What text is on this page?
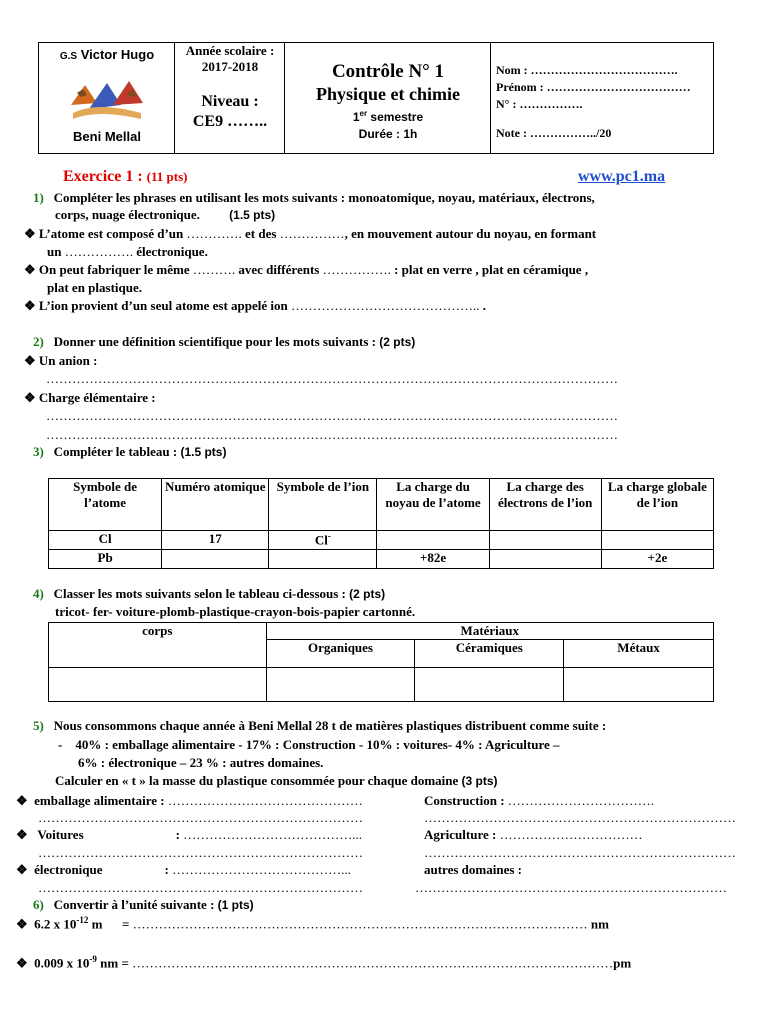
G.S Victor Hugo
Beni Mellal
Année scolaire :
2017-2018
Niveau :
CE9 ……..
Contrôle N° 1
Physique et chimie
1er semestre
Durée : 1h
Nom : ……………………………….
Prénom : ………………………………
N° : …………….
Note : ……………../20
Exercice 1 : (11 pts)	www.pc1.ma
1) Compléter les phrases en utilisant les mots suivants : monoatomique, noyau, matériaux, électrons,
corps, nuage électronique. (1.5 pts)
❖ L’atome est composé d’un …………. et des ……………, en mouvement autour du noyau, en formant
un ……………. électronique.
❖ On peut fabriquer le même ………. avec différents ……………. : plat en verre , plat en céramique ,
plat en plastique.
❖ L’ion provient d’un seul atome est appelé ion …………………………………….. .
2) Donner une définition scientifique pour les mots suivants : (2 pts)
❖ Un anion :
……………………………………………………………………………………………………………………
❖ Charge élémentaire :
……………………………………………………………………………………………………………………
……………………………………………………………………………………………………………………
3) Compléter le tableau : (1.5 pts)
Symbole de l’atome	Numéro atomique	Symbole de l’ion	La charge du noyau de l’atome	La charge des électrons de l’ion	La charge globale de l’ion
Cl	17	Cl-			
Pb			+82e		+2e
4) Classer les mots suivants selon le tableau ci-dessous : (2 pts)
tricot- fer- voiture-plomb-plastique-crayon-bois-papier cartonné.
corps	Matériaux		
	Organiques	Céramiques	Métaux

5) Nous consommons chaque année à Beni Mellal 28 t de matières plastiques distribuent comme suite :
- 40% : emballage alimentaire - 17% : Construction - 10% : voitures- 4% : Agriculture –
6% : électronique – 23 % : autres domaines.
Calculer en « t » la masse du plastique consommée pour chaque domaine (3 pts)
❖ emballage alimentaire : ………………………………………	Construction : …………………………….
…………………………………………………………………	………………………………………………………………
❖ Voitures	: …………………………………...	Agriculture : ……………………………
…………………………………………………………………	………………………………………………………………
❖ électronique	: …………………………………...	autres domaines :
…………………………………………………………………	………………………………………………………………
6) Convertir à l’unité suivante : (1 pts)
❖ 6.2 x $10^{-12}$ m = …………………………………………………………………………………………… nm
❖ 0.009 x $10^{-9}$ nm = …………………………………………………………………………………………………pm
